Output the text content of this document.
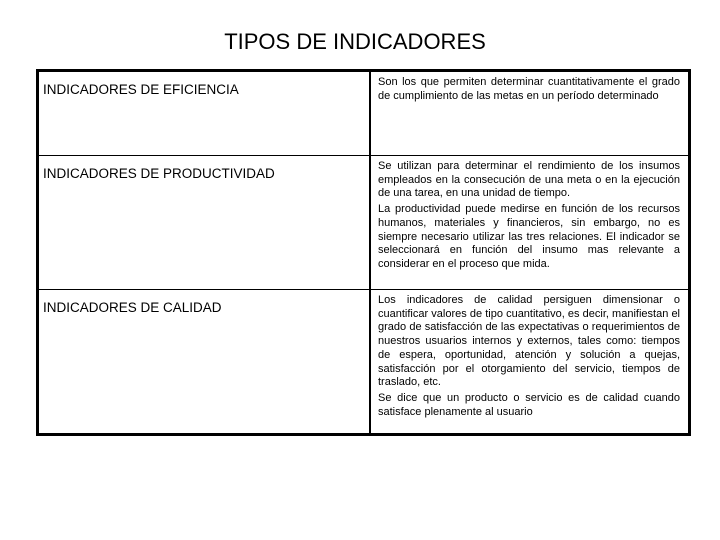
TIPOS DE INDICADORES
INDICADORES DE EFICIENCIA	Son los que permiten determinar cuantitativamente el grado de cumplimiento de las metas en un período determinado

INDICADORES DE PRODUCTIVIDAD	Se utilizan para determinar el rendimiento de los insumos empleados en la consecución de una meta o en la ejecución de una tarea, en una unidad de tiempo.

La productividad puede medirse en función de los recursos humanos, materiales y financieros, sin embargo, no es siempre necesario utilizar las tres relaciones. El indicador se seleccionará en función del insumo mas relevante a considerar en el proceso que mida.

INDICADORES DE CALIDAD	Los indicadores de calidad persiguen dimensionar o cuantificar valores de tipo cuantitativo, es decir, manifiestan el grado de satisfacción de las expectativas o requerimientos de nuestros usuarios internos y externos, tales como: tiempos de espera, oportunidad, atención y solución a quejas, satisfacción por el otorgamiento del servicio, tiempos de traslado, etc.

Se dice que un producto o servicio es de calidad cuando satisface plenamente al usuario
